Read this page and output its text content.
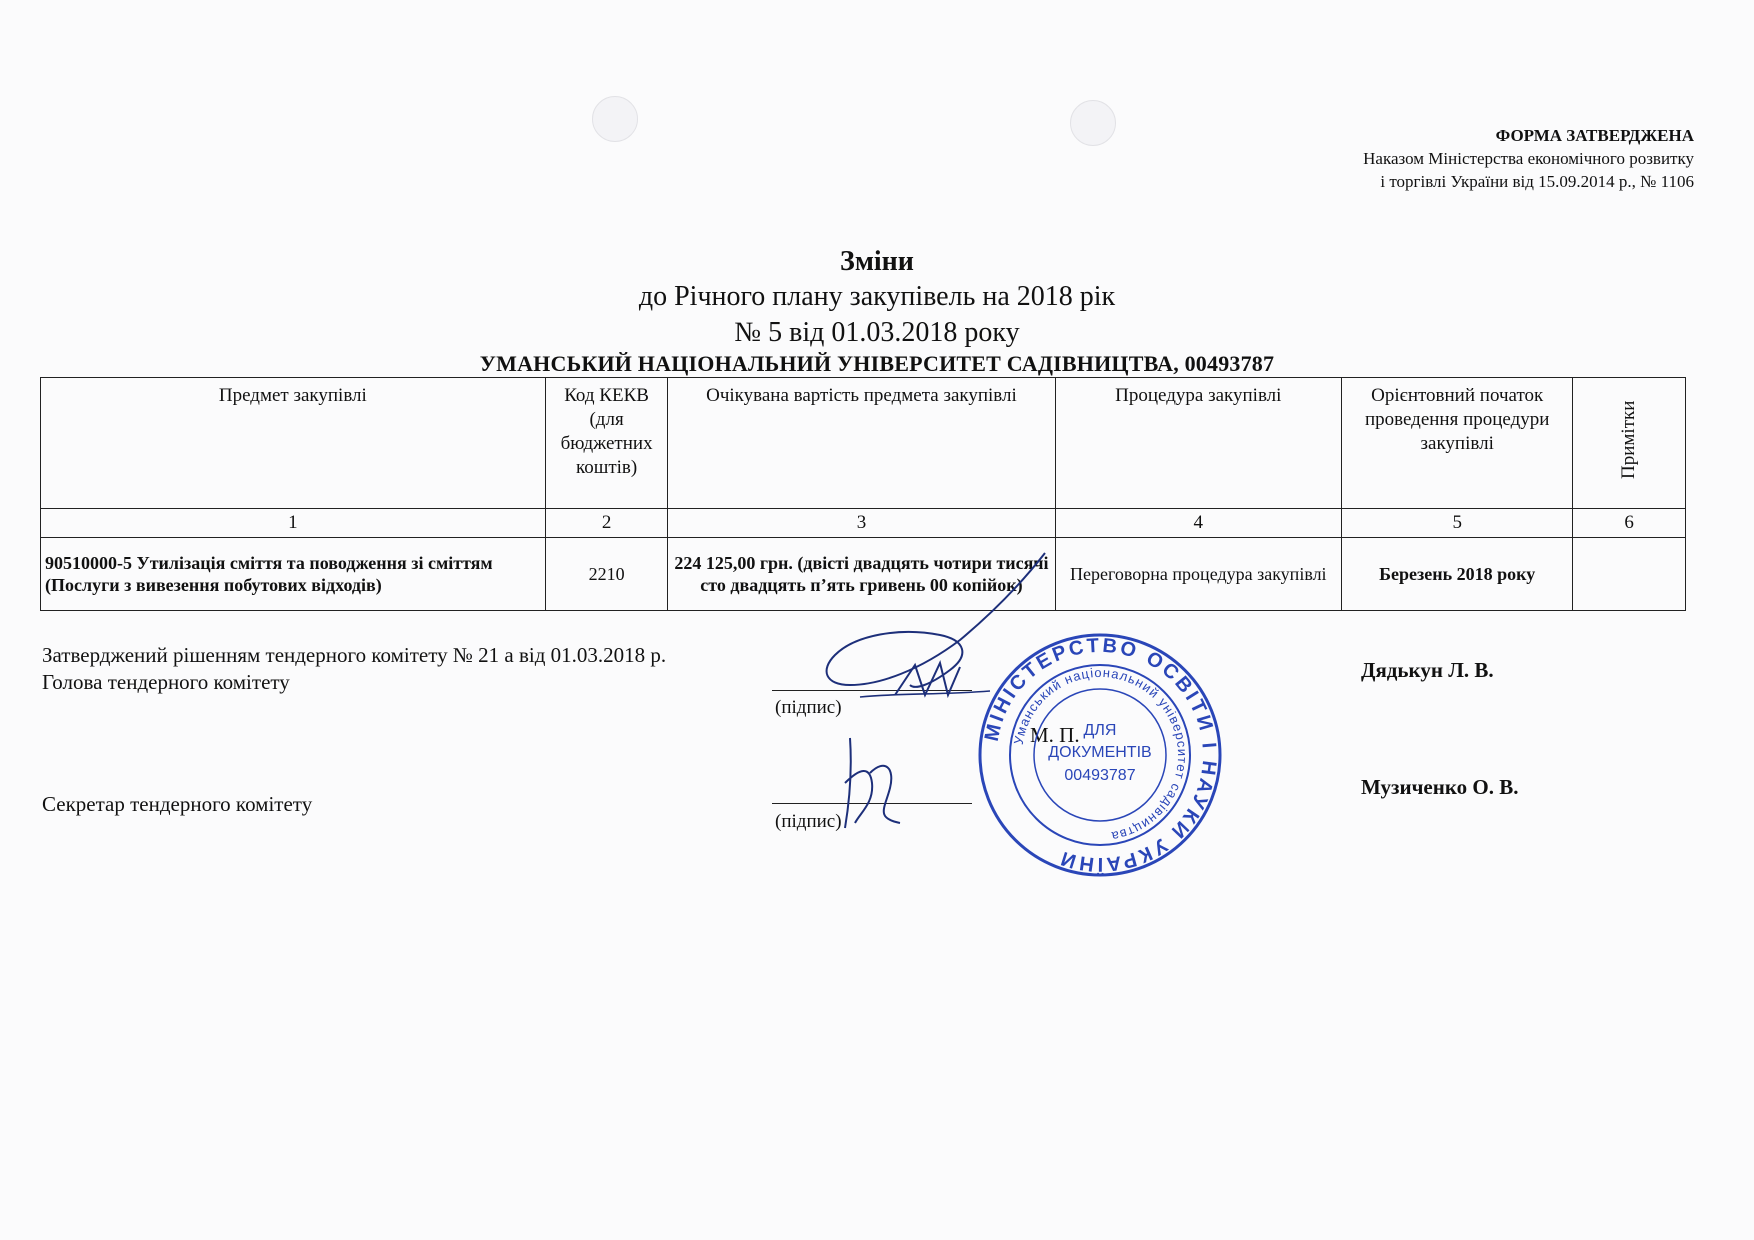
ФОРМА ЗАТВЕРДЖЕНА
Наказом Міністерства економічного розвитку
і торгівлі України від 15.09.2014 р., № 1106
Зміни
до Річного плану закупівель на 2018 рік
№ 5 від 01.03.2018 року
УМАНСЬКИЙ НАЦІОНАЛЬНИЙ УНІВЕРСИТЕТ САДІВНИЦТВА, 00493787
Предмет закупівлі	Код КЕКВ (для бюджетних коштів)	Очікувана вартість предмета закупівлі	Процедура закупівлі	Орієнтовний початок проведення процедури закупівлі	Примітки
1	2	3	4	5	6
90510000-5 Утилізація сміття та поводження зі сміттям (Послуги з вивезення побутових відходів)	2210	224 125,00 грн. (двісті двадцять чотири тисячі сто двадцять п’ять гривень 00 копійок)	Переговорна процедура закупівлі	Березень 2018 року	
Затверджений рішенням тендерного комітету № 21 а від 01.03.2018 р.
Голова тендерного комітету
(підпис)
Дядькун Л. В.
М. П.
Секретар тендерного комітету
(підпис)
Музиченко О. В.
МІНІСТЕРСТВО ОСВІТИ І НАУКИ УКРАЇНИ
Уманський національний університет садівництва
ДЛЯ
ДОКУМЕНТІВ
00493787
